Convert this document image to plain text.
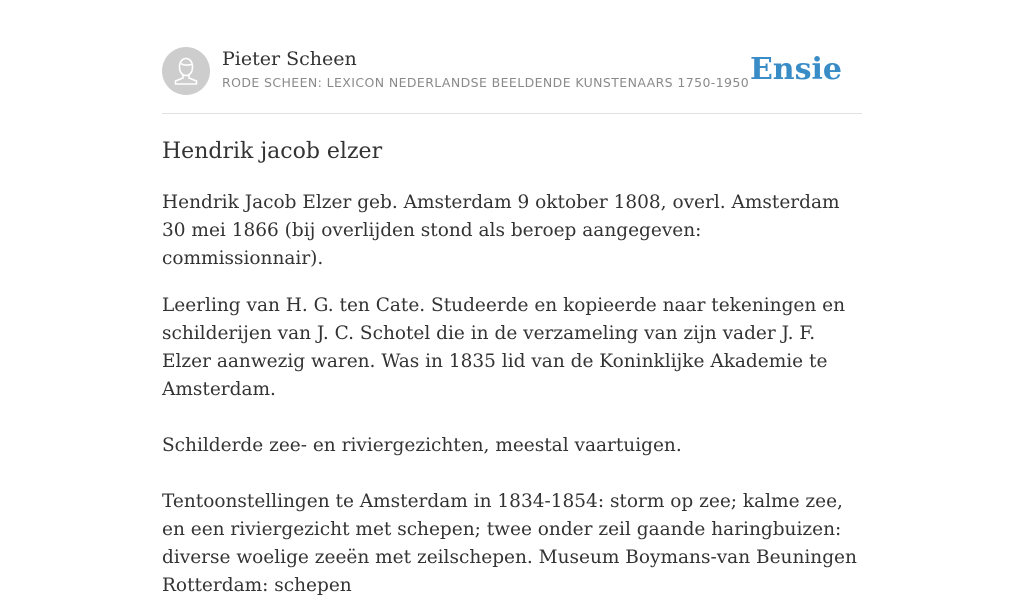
Pieter Scheen
RODE SCHEEN: LEXICON NEDERLANDSE BEELDENDE KUNSTENAARS 1750-1950 Ensie
Hendrik jacob elzer

Hendrik Jacob Elzer geb. Amsterdam 9 oktober 1808, overl. Amsterdam 30 mei 1866 (bij overlijden stond als beroep aangegeven: commissionnair).

Leerling van H. G. ten Cate. Studeerde en kopieerde naar tekeningen en schilderijen van J. C. Schotel die in de verzameling van zijn vader J. F. Elzer aanwezig waren. Was in 1835 lid van de Koninklijke Akademie te Amsterdam.

Schilderde zee- en riviergezichten, meestal vaartuigen.

Tentoonstellingen te Amsterdam in 1834-1854: storm op zee; kalme zee, en een riviergezicht met schepen; twee onder zeil gaande haringbuizen: diverse woelige zeeën met zeilschepen. Museum Boymans-van Beuningen Rotterdam: schepen
